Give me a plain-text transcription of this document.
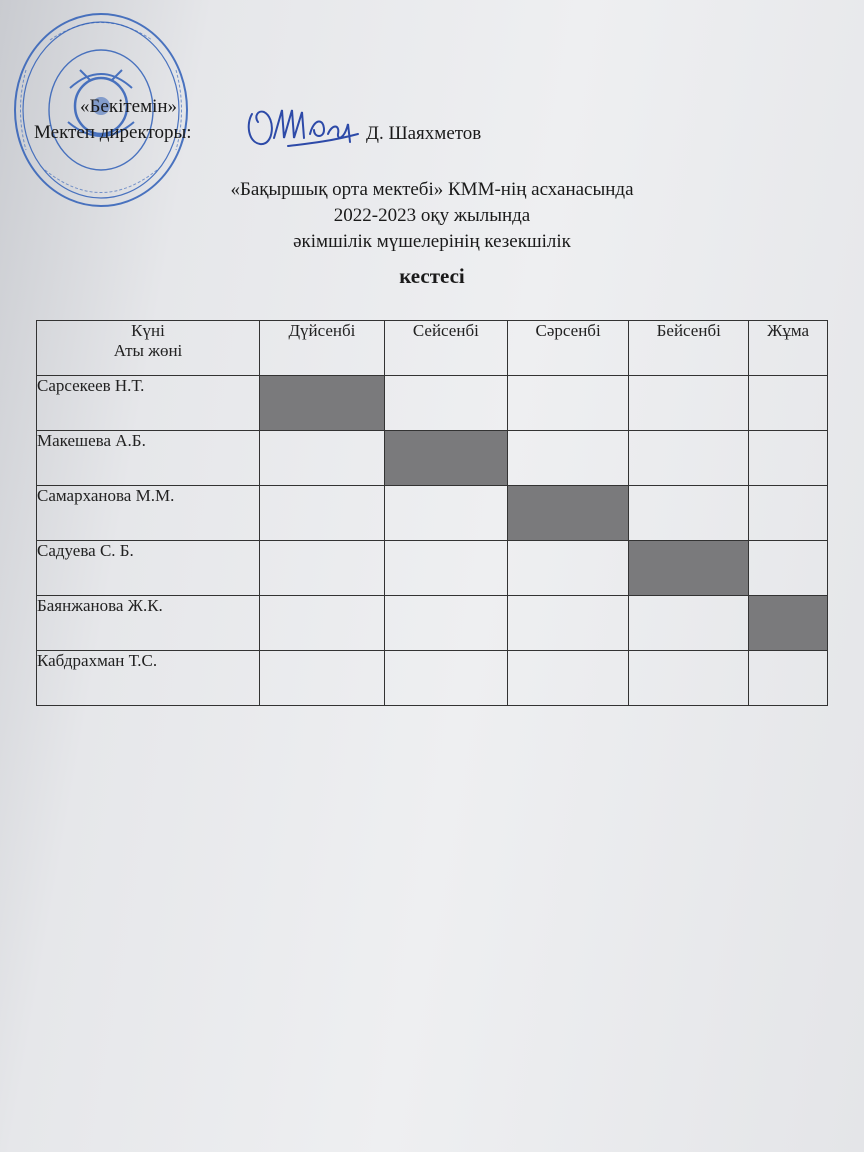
«Бекітемін»
Мектеп директоры:	Д. Шаяхметов
«Бақыршық орта мектебі» КММ-нің асханасында
2022-2023 оқу жылында
әкімшілік мүшелерінің кезекшілік
кестесі
Күні
Аты жөні	Дүйсенбі	Сейсенбі	Сәрсенбі	Бейсенбі	Жұма
Сарсекеев Н.Т.					
Макешева А.Б.					
Самарханова М.М.					
Садуева С. Б.					
Баянжанова Ж.К.					
Кабдрахман Т.С.					
